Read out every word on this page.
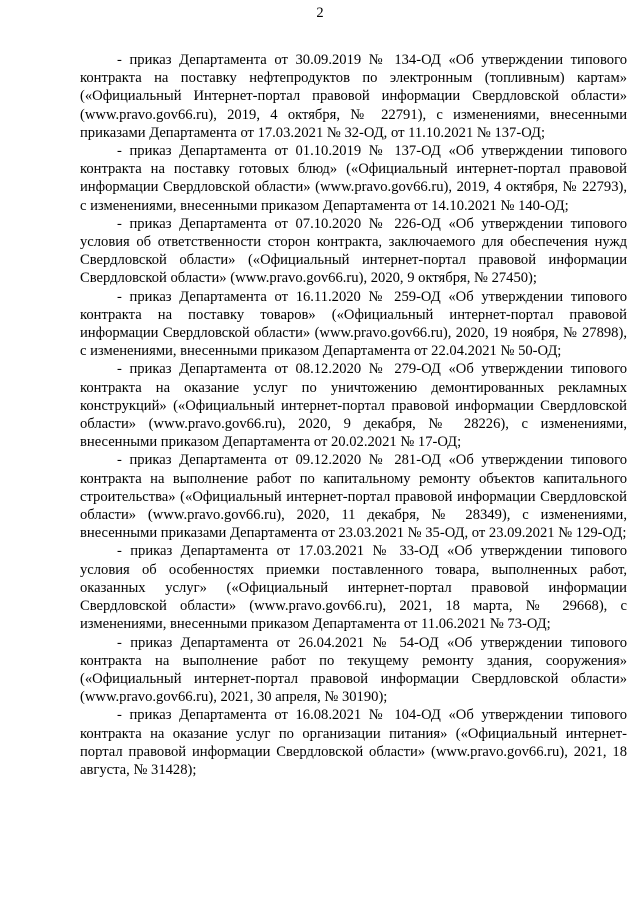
2

- приказ Департамента от 30.09.2019 № 134-ОД «Об утверждении типового контракта на поставку нефтепродуктов по электронным (топливным) картам» («Официальный Интернет-портал правовой информации Свердловской области» (www.pravo.gov66.ru), 2019, 4 октября, № 22791), с изменениями, внесенными приказами Департамента от 17.03.2021 № 32-ОД, от 11.10.2021 № 137-ОД;

- приказ Департамента от 01.10.2019 № 137-ОД «Об утверждении типового контракта на поставку готовых блюд» («Официальный интернет-портал правовой информации Свердловской области» (www.pravo.gov66.ru), 2019, 4 октября, № 22793), с изменениями, внесенными приказом Департамента от 14.10.2021 № 140-ОД;

- приказ Департамента от 07.10.2020 № 226-ОД «Об утверждении типового условия об ответственности сторон контракта, заключаемого для обеспечения нужд Свердловской области» («Официальный интернет-портал правовой информации Свердловской области» (www.pravo.gov66.ru), 2020, 9 октября, № 27450);

- приказ Департамента от 16.11.2020 № 259-ОД «Об утверждении типового контракта на поставку товаров» («Официальный интернет-портал правовой информации Свердловской области» (www.pravo.gov66.ru), 2020, 19 ноября, № 27898), с изменениями, внесенными приказом Департамента от 22.04.2021 № 50-ОД;

- приказ Департамента от 08.12.2020 № 279-ОД «Об утверждении типового контракта на оказание услуг по уничтожению демонтированных рекламных конструкций» («Официальный интернет-портал правовой информации Свердловской области» (www.pravo.gov66.ru), 2020, 9 декабря, № 28226), с изменениями, внесенными приказом Департамента от 20.02.2021 № 17-ОД;

- приказ Департамента от 09.12.2020 № 281-ОД «Об утверждении типового контракта на выполнение работ по капитальному ремонту объектов капитального строительства» («Официальный интернет-портал правовой информации Свердловской области» (www.pravo.gov66.ru), 2020, 11 декабря, № 28349), с изменениями, внесенными приказами Департамента от 23.03.2021 № 35-ОД, от 23.09.2021 № 129-ОД;

- приказ Департамента от 17.03.2021 № 33-ОД «Об утверждении типового условия об особенностях приемки поставленного товара, выполненных работ, оказанных услуг» («Официальный интернет-портал правовой информации Свердловской области» (www.pravo.gov66.ru), 2021, 18 марта, № 29668), с изменениями, внесенными приказом Департамента от 11.06.2021 № 73-ОД;

- приказ Департамента от 26.04.2021 № 54-ОД «Об утверждении типового контракта на выполнение работ по текущему ремонту здания, сооружения» («Официальный интернет-портал правовой информации Свердловской области» (www.pravo.gov66.ru), 2021, 30 апреля, № 30190);

- приказ Департамента от 16.08.2021 № 104-ОД «Об утверждении типового контракта на оказание услуг по организации питания» («Официальный интернет-портал правовой информации Свердловской области» (www.pravo.gov66.ru), 2021, 18 августа, № 31428);
